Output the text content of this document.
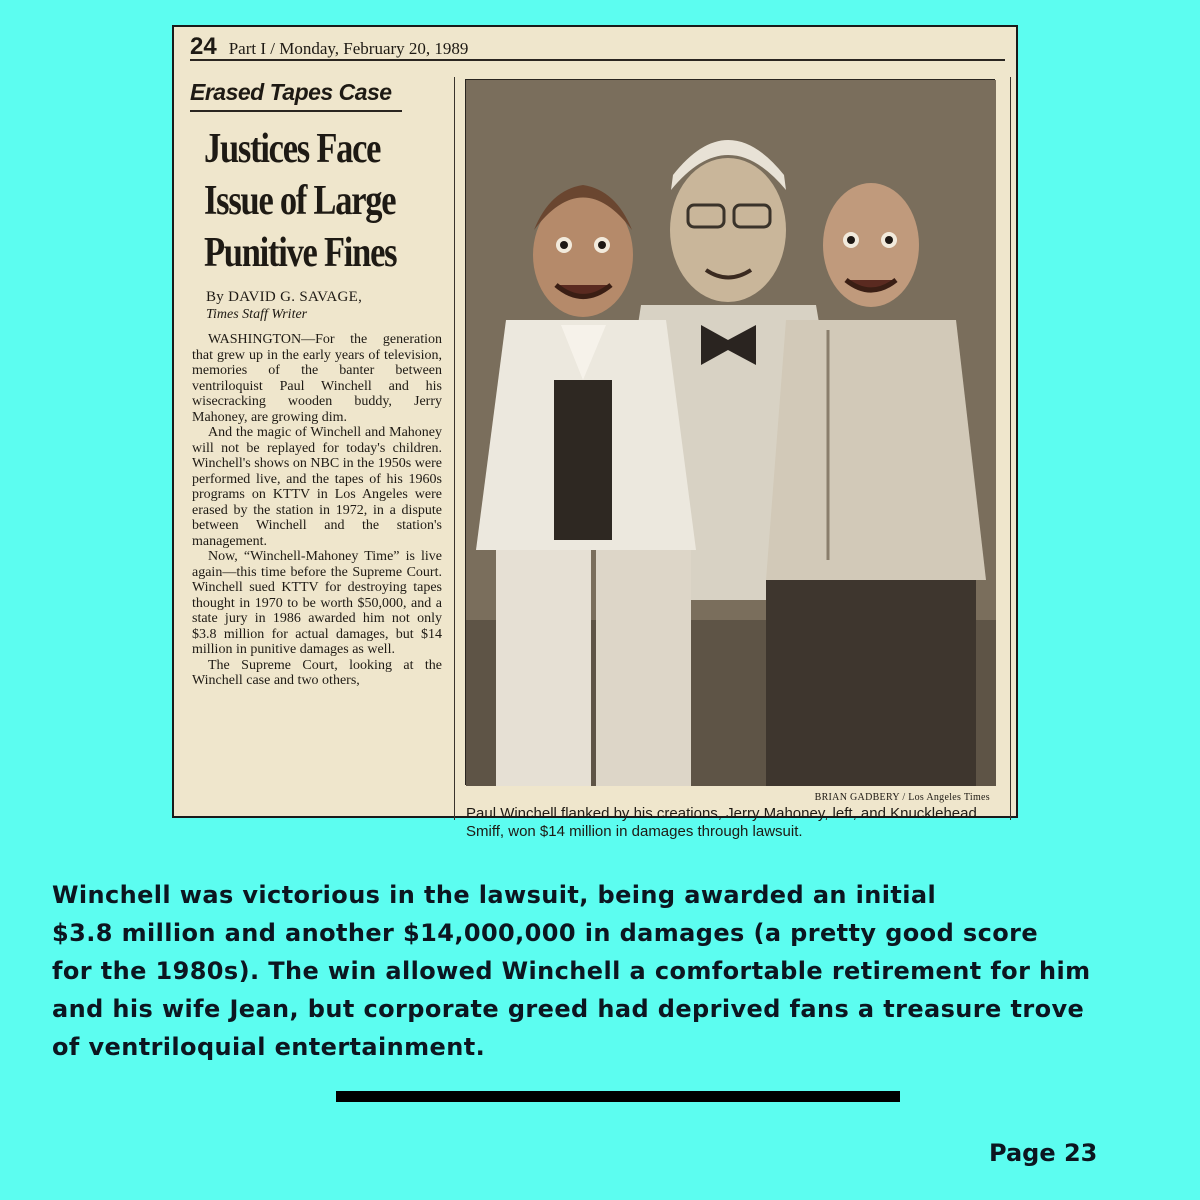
24 Part I / Monday, February 20, 1989
Erased Tapes Case
Justices Face
Issue of Large
Punitive Fines
By DAVID G. SAVAGE,
Times Staff Writer

WASHINGTON—For the generation that grew up in the early years of television, memories of the banter between ventriloquist Paul Winchell and his wisecracking wooden buddy, Jerry Mahoney, are growing dim.

And the magic of Winchell and Mahoney will not be replayed for today's children. Winchell's shows on NBC in the 1950s were performed live, and the tapes of his 1960s programs on KTTV in Los Angeles were erased by the station in 1972, in a dispute between Winchell and the station's management.

Now, “Winchell-Mahoney Time” is live again—this time before the Supreme Court. Winchell sued KTTV for destroying tapes thought in 1970 to be worth $50,000, and a state jury in 1986 awarded him not only $3.8 million for actual damages, but $14 million in punitive damages as well.

The Supreme Court, looking at the Winchell case and two others,

BRIAN GADBERY / Los Angeles Times
Paul Winchell flanked by his creations, Jerry Mahoney, left, and Knucklehead Smiff, won $14 million in damages through lawsuit.
Winchell was victorious in the lawsuit, being awarded an initial
$3.8 million and another $14,000,000 in damages (a pretty good score
for the 1980s). The win allowed Winchell a comfortable retirement for him
and his wife Jean, but corporate greed had deprived fans a treasure trove
of ventriloquial entertainment.
Page 23
